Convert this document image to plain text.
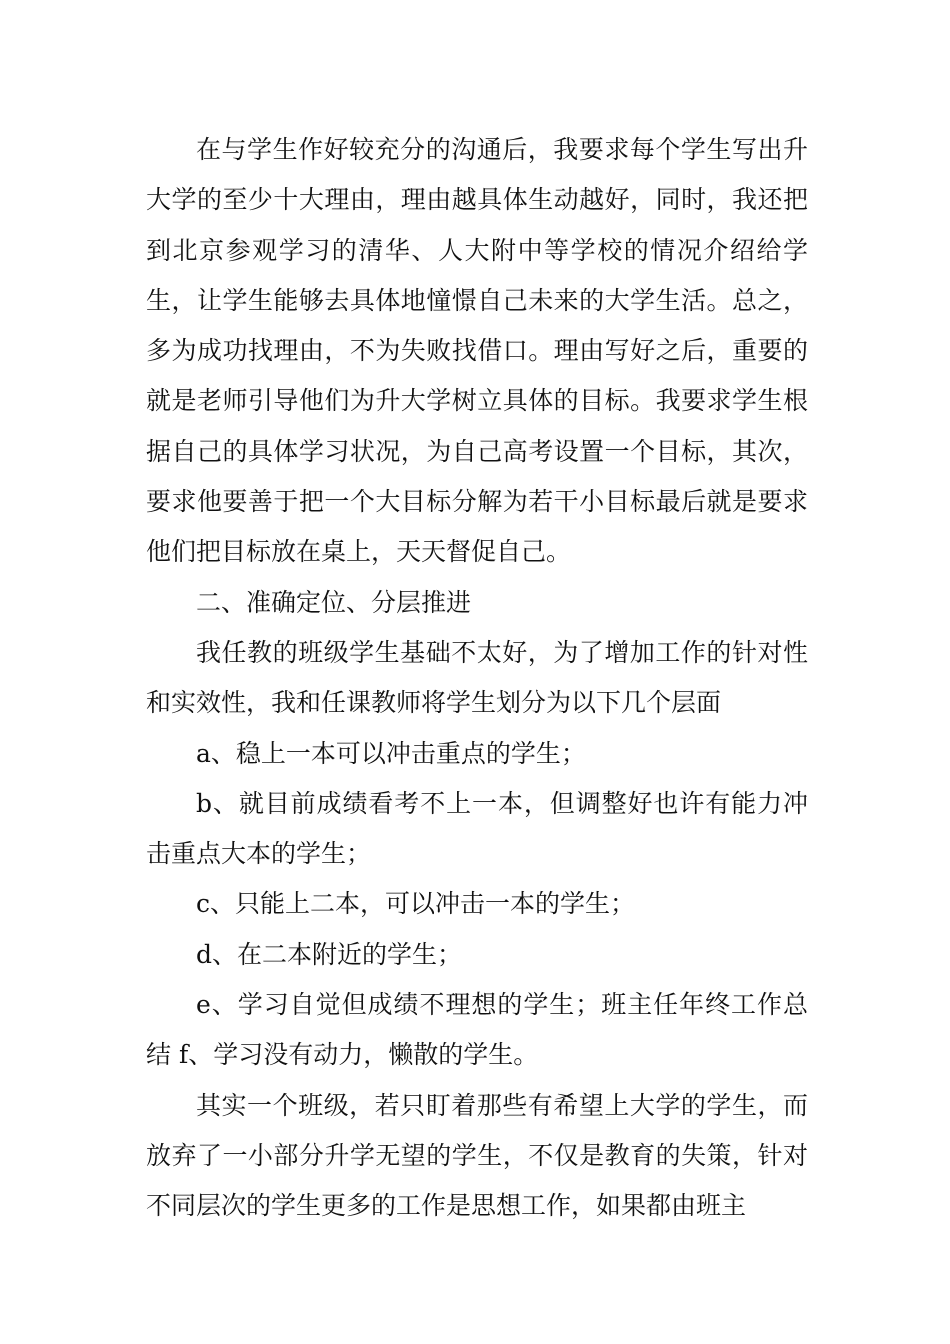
在与学生作好较充分的沟通后，我要求每个学生写出升大学的至少十大理由，理由越具体生动越好，同时，我还把到北京参观学习的清华、人大附中等学校的情况介绍给学生，让学生能够去具体地憧憬自己未来的大学生活。总之，多为成功找理由，不为失败找借口。理由写好之后，重要的就是老师引导他们为升大学树立具体的目标。我要求学生根据自己的具体学习状况，为自己高考设置一个目标，其次，要求他要善于把一个大目标分解为若干小目标最后就是要求他们把目标放在桌上，天天督促自己。

二、准确定位、分层推进

我任教的班级学生基础不太好，为了增加工作的针对性和实效性，我和任课教师将学生划分为以下几个层面

a、稳上一本可以冲击重点的学生；

b、就目前成绩看考不上一本，但调整好也许有能力冲击重点大本的学生；

c、只能上二本，可以冲击一本的学生；

d、在二本附近的学生；

e、学习自觉但成绩不理想的学生；班主任年终工作总结 f、学习没有动力，懒散的学生。

其实一个班级，若只盯着那些有希望上大学的学生，而放弃了一小部分升学无望的学生，不仅是教育的失策，针对不同层次的学生更多的工作是思想工作，如果都由班主
